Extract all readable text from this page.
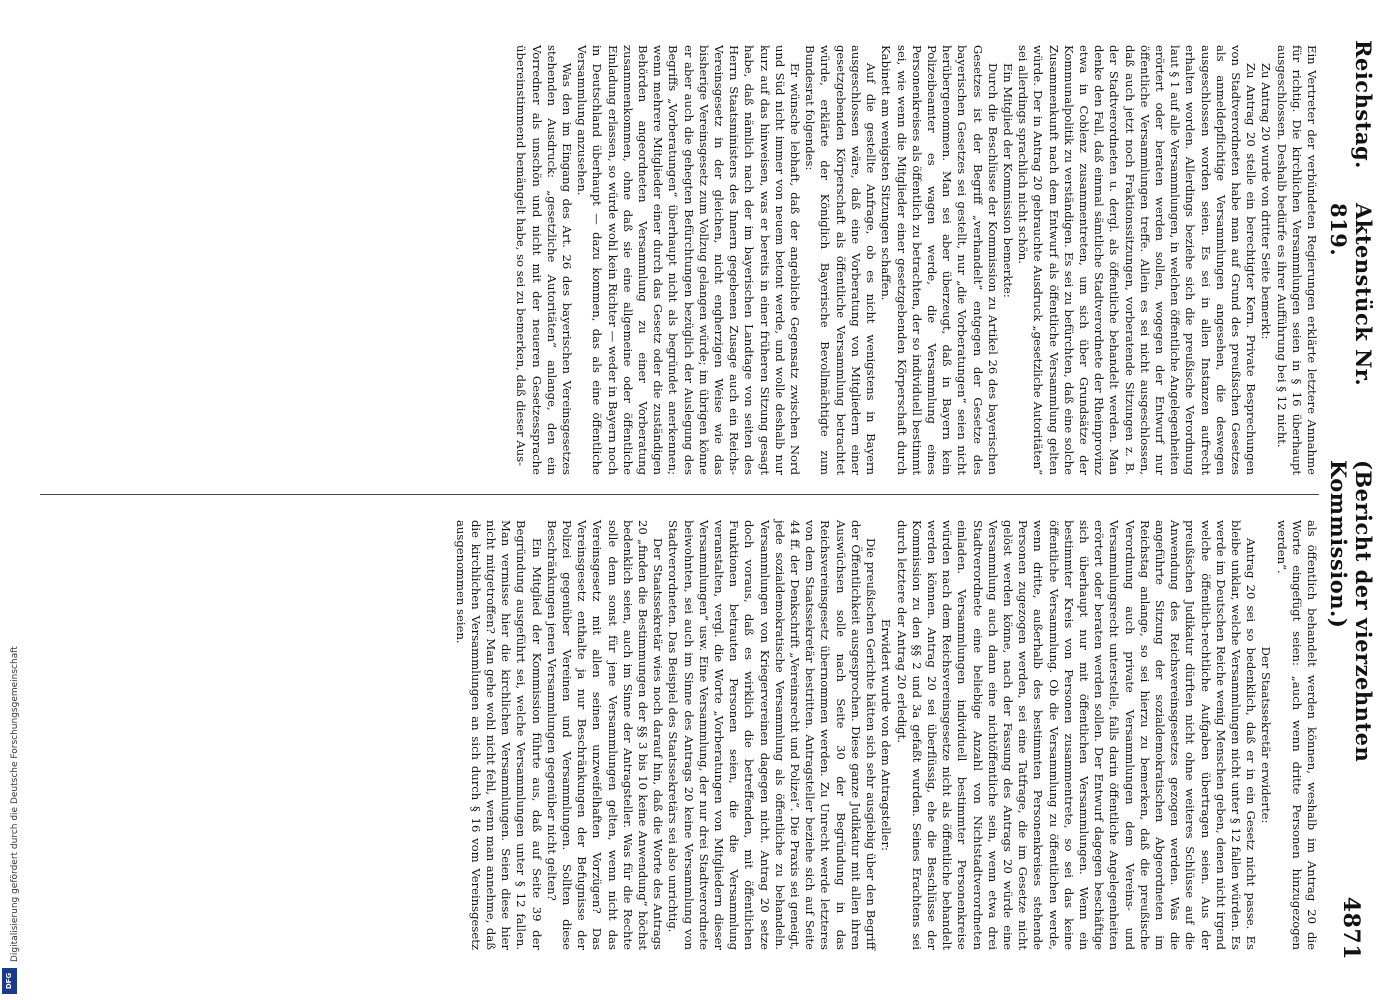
Reichstag.
Aktenstück Nr. 819.
(Bericht der vierzehnten Kommission.)
4871

Ein Vertreter der verbündeten Regierungen erklärte letztere Annahme für richtig. Die kirchlichen Versammlungen seien in § 16 überhaupt ausgeschlossen. Deshalb bedürfe es ihrer Aufführung bei § 12 nicht.

Zu Antrag 20 wurde von dritter Seite bemerkt:

Zu Antrag 20 stelle ein berechtigter Kern. Private Besprechungen von Stadtverordneten habe man auf Grund des preußischen Gesetzes als anmeldepflichtige Versammlungen angesehen, die deswegen ausgeschlossen worden seien. Es sei in allen Instanzen aufrecht erhalten worden. Allerdings beziehe sich die preußische Verordnung laut § 1 auf alle Versammlungen, in welchen öffentliche Angelegenheiten erörtert oder beraten werden sollen, wogegen der Entwurf nur öffentliche Versammlungen treffe. Allein es sei nicht ausgeschlossen, daß auch jetzt noch Fraktionssitzungen, vorberatende Sitzungen z. B. der Stadtverordneten u. dergl. als öffentliche behandelt werden. Man denke den Fall, daß einmal sämtliche Stadtverordnete der Rheinprovinz etwa in Coblenz zusammentreten, um sich über Grundsätze der Kommunalpolitik zu verständigen. Es sei zu befürchten, daß eine solche Zusammenkunft nach dem Entwurf als öffentliche Versammlung gelten würde. Der in Antrag 20 gebrauchte Ausdruck „gesetzliche Autoritäten“ sei allerdings sprachlich nicht schön.

Ein Mitglied der Kommission bemerkte:

Durch die Beschlüsse der Kommission zu Artikel 26 des bayerischen Gesetzes ist der Begriff „verhandelt“ entgegen der Gesetze des bayerischen Gesetzes sei gestellt, nur „die Vorberatungen“ seien nicht herübergenommen. Man sei aber überzeugt, daß in Bayern kein Polizeibeamter es wagen werde, die Versammlung eines Personenkreises als öffentlich zu betrachten, der so individuell bestimmt sei, wie wenn die Mitglieder einer gesetzgebenden Körperschaft durch Kabinett am wenigsten Sitzungen schaffen.

Auf die gestellte Anfrage, ob es nicht wenigstens in Bayern ausgeschlossen wäre, daß eine Vorberatung von Mitgliedern einer gesetzgebenden Körperschaft als öffentliche Versammlung betrachtet würde, erklärte der Königlich Bayerische Bevollmächtigte zum Bundesrat folgendes:

Er wünsche lebhaft, daß der angebliche Gegensatz zwischen Nord und Süd nicht immer von neuem betont werde, und wolle deshalb nur kurz auf das hinweisen, was er bereits in einer früheren Sitzung gesagt habe, daß nämlich nach der im bayerischen Landtage von seiten des Herrn Staatsministers des Innern gegebenen Zusage auch ein Reichs-Vereinsgesetz in der gleichen, nicht engherzigen Weise wie das bisherige Vereinsgesetz zum Vollzug gelangen würde; im übrigen könne er aber auch die gehegten Befürchtungen bezüglich der Auslegung des Begriffs „Vorberatungen“ überhaupt nicht als begründet anerkennen; wenn mehrere Mitglieder einer durch das Gesetz oder die zuständigen Behörden angeordneten Versammlung zu einer Vorberatung zusammenkommen, ohne daß sie eine allgemeine oder öffentliche Einladung erlassen, so würde wohl kein Richter — weder in Bayern noch in Deutschland überhaupt — dazu kommen, das als eine öffentliche Versammlung anzusehen.

Was den im Eingang des Art. 26 des bayerischen Vereinsgesetzes stehenden Ausdruck: „gesetzliche Autoritäten“ anlange, den ein Vorredner als unschön und nicht mit der neueren Gesetzessprache übereinstimmend bemängelt habe, so sei zu bemerken, daß dieser Aus-

als öffentlich behandelt werden können, weshalb im Antrag 20 die Worte eingefügt seien: „auch wenn dritte Personen hinzugezogen werden“.

Der Staatssekretär erwiderte:

Antrag 20 sei so bedenklich, daß er in ein Gesetz nicht passe. Es bleibe unklar, welche Versammlungen nicht unter § 12 fallen würden. Es werde im Deutschen Reiche wenig Menschen geben, denen nicht irgend welche öffentlich-rechtliche Aufgaben übertragen seien. Aus der preußischen Judikatur dürften nicht ohne weiteres Schlüsse auf die Anwendung des Reichsvereinsgesetzes gezogen werden. Was die angeführte Sitzung der sozialdemokratischen Abgeordneten im Reichstag anlange, so sei hierzu zu bemerken, daß die preußische Verordnung auch private Versammlungen dem Vereins- und Versammlungsrecht unterstelle, falls darin öffentliche Angelegenheiten erörtert oder beraten werden sollen. Der Entwurf dagegen beschäftige sich überhaupt nur mit öffentlichen Versammlungen. Wenn ein bestimmter Kreis von Personen zusammentrete, so sei das keine öffentliche Versammlung. Ob die Versammlung zu öffentlichen werde, wenn dritte, außerhalb des bestimmten Personenkreises stehende Personen zugezogen werden, sei eine Tatfrage, die im Gesetze nicht gelöst werden könne, nach der Fassung des Antrags 20 würde eine Versammlung auch dann eine nichtöffentliche sein, wenn etwa drei Stadtverordnete eine beliebige Anzahl von Nichtstadtverordneten einladen. Versammlungen individuell bestimmter Personenkreise würden nach dem Reichsvereinsgesetze nicht als öffentliche behandelt werden können. Antrag 20 sei überflüssig, ehe die Beschlüsse der Kommission zu den §§ 2 und 3a gefaßt wurden. Seines Erachtens sei durch letztere der Antrag 20 erledigt.

Erwidert wurde von dem Antragsteller:

Die preußischen Gerichte hätten sich sehr ausgiebig über den Begriff der Öffentlichkeit ausgesprochen. Diese ganze Judikatur mit allen ihren Auswüchsen solle nach Seite 30 der Begründung in das Reichsvereinsgesetz übernommen werden. Zu Unrecht werde letzteres von dem Staatssekretär bestritten. Antragsteller beziehe sich auf Seite 44 ff. der Denkschrift „Vereinsrecht und Polizei“. Die Praxis sei geneigt, jede sozialdemokratische Versammlung als öffentliche zu behandeln. Versammlungen von Kriegervereinen dagegen nicht. Antrag 20 setze doch voraus, daß es wirklich die betreffenden, mit öffentlichen Funktionen betrauten Personen seien, die die Versammlung veranstalten, vergl. die Worte „Vorberatungen von Mitgliedern dieser Versammlungen“ usw. Eine Versammlung, der nur drei Stadtverordnete beiwohnten, sei auch im Sinne des Antrags 20 keine Versammlung von Stadtverordneten. Das Beispiel des Staatssekretärs sei also unrichtig.

Der Staatssekretär wies noch darauf hin, daß die Worte des Antrags 20 „finden die Bestimmungen der §§ 3 bis 10 keine Anwendung“ höchst bedenklich seien, auch im Sinne der Antragsteller. Was für die Rechte solle denn sonst für jene Versammlungen gelten, wenn nicht das Vereinsgesetz mit allen seinen unzweifelhaften Vorzügen? Das Vereinsgesetz enthalte ja nur Beschränkungen der Befugnisse der Polizei gegenüber Vereinen und Versammlungen. Sollten diese Beschränkungen jenen Versammlungen gegenüber nicht gelten?

Ein Mitglied der Kommission führte aus, daß auf Seite 39 der Begründung ausgeführt sei, welche Versammlungen unter § 12 fallen. Man vermisse hier die kirchlichen Versammlungen. Seien diese hier nicht mitgetroffen? Man gehe wohl nicht fehl, wenn man annehme, daß die kirchlichen Versammlungen an sich durch § 16 vom Vereinsgesetz ausgenommen seien.

DFG
Digitalisierung gefördert durch die Deutsche Forschungsgemeinschaft
